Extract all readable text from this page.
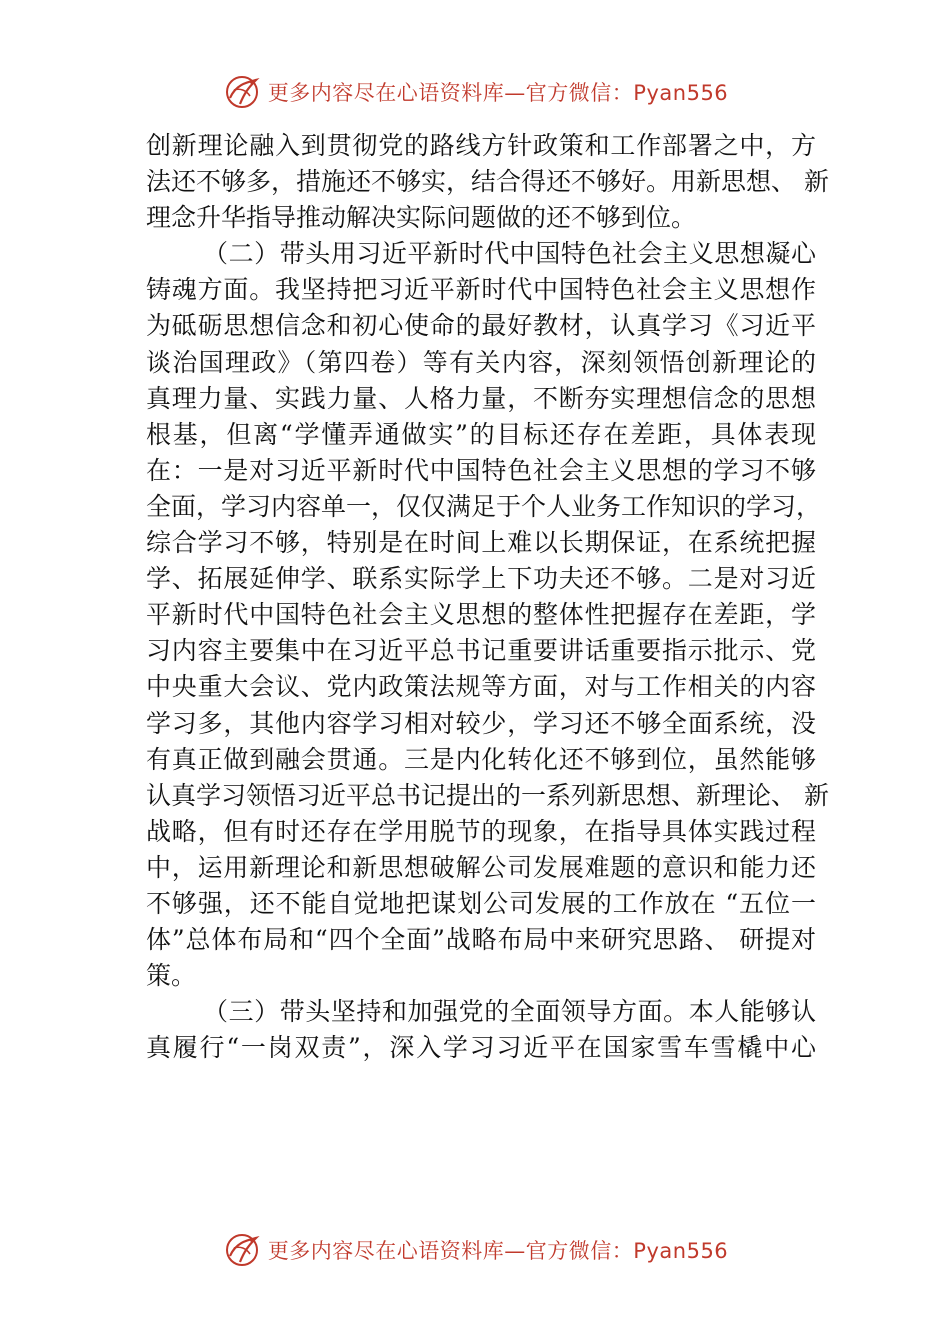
更多内容尽在心语资料库—官方微信：Pyan556

创新理论融入到贯彻党的路线方针政策和工作部署之中，方
法还不够多，措施还不够实，结合得还不够好。用新思想、 新
理念升华指导推动解决实际问题做的还不够到位。

（二）带头用习近平新时代中国特色社会主义思想凝心
铸魂方面。我坚持把习近平新时代中国特色社会主义思想作
为砥砺思想信念和初心使命的最好教材，认真学习《习近平
谈治国理政》（第四卷）等有关内容，深刻领悟创新理论的
真理力量、实践力量、人格力量，不断夯实理想信念的思想
根基，但离“学懂弄通做实”的目标还存在差距，具体表现
在：一是对习近平新时代中国特色社会主义思想的学习不够
全面，学习内容单一，仅仅满足于个人业务工作知识的学习，
综合学习不够，特别是在时间上难以长期保证，在系统把握
学、拓展延伸学、联系实际学上下功夫还不够。二是对习近
平新时代中国特色社会主义思想的整体性把握存在差距，学
习内容主要集中在习近平总书记重要讲话重要指示批示、党
中央重大会议、党内政策法规等方面，对与工作相关的内容
学习多，其他内容学习相对较少，学习还不够全面系统，没
有真正做到融会贯通。三是内化转化还不够到位，虽然能够
认真学习领悟习近平总书记提出的一系列新思想、新理论、 新
战略，但有时还存在学用脱节的现象，在指导具体实践过程
中，运用新理论和新思想破解公司发展难题的意识和能力还
不够强，还不能自觉地把谋划公司发展的工作放在 “五位一
体”总体布局和“四个全面”战略布局中来研究思路、 研提对
策。

（三）带头坚持和加强党的全面领导方面。本人能够认
真履行“一岗双责”，深入学习习近平在国家雪车雪橇中心

更多内容尽在心语资料库—官方微信：Pyan556
